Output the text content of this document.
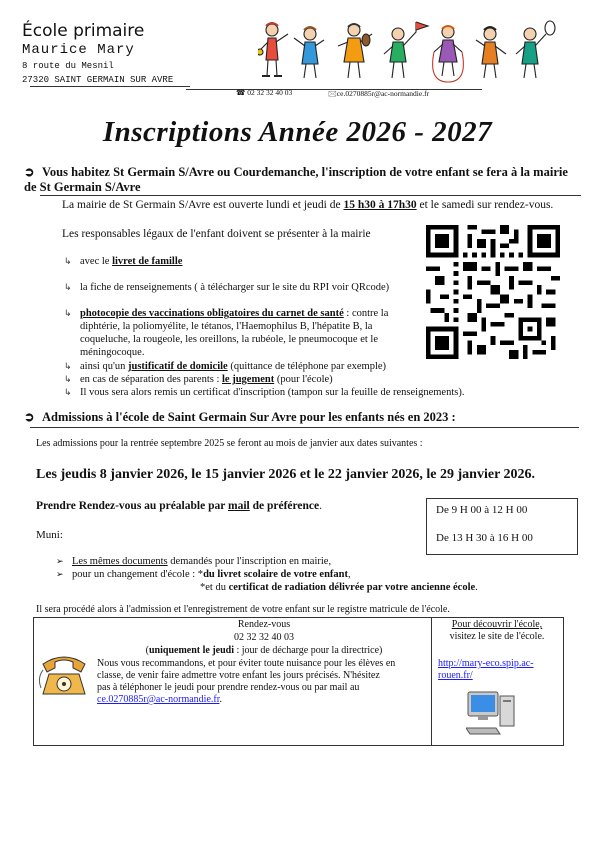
École primaire
Maurice Mary
8 route du Mesnil
27320 SAINT GERMAIN SUR AVRE
☎ 02 32 32 40 03	🖂ce.0270885r@ac-normandie.fr
Inscriptions Année 2026 - 2027
➲ Vous habitez St Germain S/Avre ou Courdemanche, l'inscription de votre enfant se fera à la mairie de St Germain S/Avre
La mairie de St Germain S/Avre est ouverte lundi et jeudi de 15 h30 à 17h30 et le samedi sur rendez-vous.
Les responsables légaux de l'enfant doivent se présenter à la mairie
↳ avec le livret de famille
↳ la fiche de renseignements ( à télécharger sur le site du RPI voir QRcode)
↳ photocopie des vaccinations obligatoires du carnet de santé : contre la
diphtérie, la poliomyélite, le tétanos, l'Haemophilus B, l'hépatite B, la
coqueluche, la rougeole, les oreillons, la rubéole, le pneumocoque et le
méningocoque.
↳ ainsi qu'un justificatif de domicile (quittance de téléphone par exemple)
↳ en cas de séparation des parents : le jugement (pour l'école)
↳ Il vous sera alors remis un certificat d'inscription (tampon sur la feuille de renseignements).
➲ Admissions à l'école de Saint Germain Sur Avre pour les enfants nés en 2023 :
Les admissions pour la rentrée septembre 2025 se feront au mois de janvier aux dates suivantes :
Les jeudis 8 janvier 2026, le 15 janvier 2026 et le 22 janvier 2026, le 29 janvier 2026.
Prendre Rendez-vous au préalable par mail de préférence.	De 9 H 00 à 12 H 00
De 13 H 30 à 16 H 00
Muni:
➢ Les mêmes documents demandés pour l'inscription en mairie,
➢ pour un changement d'école : *du livret scolaire de votre enfant,
*et du certificat de radiation délivrée par votre ancienne école.
Il sera procédé alors à l'admission et l'enregistrement de votre enfant sur le registre matricule de l'école.
Rendez-vous
02 32 32 40 03
(uniquement le jeudi : jour de décharge pour la directrice)
Nous vous recommandons, et pour éviter toute nuisance pour les élèves en
classe, de venir faire admettre votre enfant les jours précisés. N'hésitez
pas à téléphoner le jeudi pour prendre rendez-vous ou par mail au
ce.0270885r@ac-normandie.fr.
Pour découvrir l'école,
visitez le site de l'école.
http://mary-eco.spip.ac-
rouen.fr/
